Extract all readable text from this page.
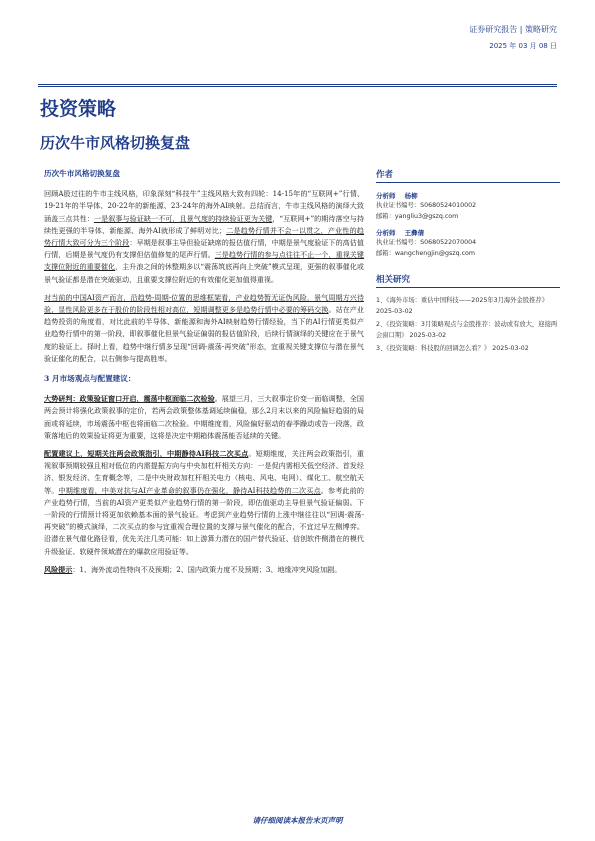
证券研究报告 | 策略研究
2025 年 03 月 08 日
投资策略
历次牛市风格切换复盘
历次牛市风格切换复盘
回顾A股过往的牛市主线风格，印象深刻“科技牛”主线风格大致有四轮：14-15年的“互联网+”行情、19-21年的半导体、20-22年的新能源、23-24年的海外AI映射。总结而言，牛市主线风格的演绎大致涵盖三点共性：一是叙事与验证缺一不可，且景气度的持续验证更为关键，“互联网+”的期待落空与持续性更强的半导体、新能源、海外AI就形成了鲜明对比；二是趋势行情并不会一以贯之，产业性的趋势行情大致可分为三个阶段：早期是叙事主导但验证缺席的报估值行情，中期是景气度验证下的高估值行情，后期是景气度仍有支撑但估值修复的尾声行情。三是趋势行情的参与点往往不止一个，重视关键支撑位附近的重要催化，主升浪之间的休整期多以“震荡筑底再向上突破”模式呈现，更强的叙事催化或景气验证都是潜在突破驱动，且重要支撑位附近的有效催化更加值得重视。
对当前的中国AI资产而言，沿趋势-周期-位置的思维框架看，产业趋势暂无证伪风险，景气周期方兴待验，显性风险更多在于股价的阶段性相对高位，短期调整更多是趋势行情中必要的筹码交换。站在产业趋势投资的角度看，对比此前的半导体、新能源和海外AI映射趋势行情经验，当下的AI行情更类似产业趋势行情中的第一阶段，即叙事催化但景气验证偏弱的报估值阶段，后续行情演绎的关键应在于景气度的验证上。择时上看，趋势中继行情多呈现“回调-震荡-再突破”形态，宜重视关键支撑位与潜在景气验证催化的配合，以右侧参与提高胜率。
3 月市场观点与配置建议：
大势研判：政策验证窗口开启，震荡中枢面临二次检验。展望三月，三大叙事定价变一面临调整，全国两会预计将强化政策叙事的定价，若两会政策整体基调延续偏稳，那么2月末以来的风险偏好趋弱的局面或将延续，市场震荡中枢也将面临二次检验。中期维度看，风险偏好驱动的春季躁动或告一段落，政策落地后的效果验证将更为重要，这将是决定中期箱体震荡能否延续的关键。
配置建议上，短期关注两会政策指引，中期静待AI科技二次买点。短期维度，关注两会政策指引，重视叙事预期较强且相对低位的内需提振方向与中央加杠杆相关方向：一是促内需相关低空经济、首发经济、银发经济、生育概念等，二是中央财政加杠杆相关电力（核电、风电、电网）、煤化工、航空航天等。中期维度看，中美对抗与AI产业革命的叙事仍在强化，静待AI科技趋势的二次买点。参考此前的产业趋势行情，当前的AI资产更类似产业趋势行情的第一阶段，即估值驱动主导但景气验证偏弱。下一阶段的行情预计将更加依赖基本面的景气验证。考虑到产业趋势行情的上涨中继往往以“回调-震荡-再突破”的模式演绎，二次买点的参与宜重视合理位置的支撑与景气催化的配合，不宜过早左侧博弈。沿潜在景气催化路径看，优先关注几类可能：如上游算力潜在的国产替代验证、信创软件侧潜在的模代升级验证、软硬件领域潜在的爆款应用验证等。
风险提示：1、海外流动性特向不及预期；2、国内政策力度不及预期；3、地缘冲突风险加剧。
作者
分析师 杨柳
执业证书编号：S0680524010002
邮箱：yangliu3@gszq.com
分析师 王彝倩
执业证书编号：S0680522070004
邮箱：wangchengjin@gszq.com
相关研究
1、《海外市场：重估中国科技——2025年3月海外金股推荐》 2025-03-02
2、《投资策略：3月策略观点与金股推荐：波动或有放大，迎接两会窗口期》 2025-03-02
3、《投资策略：科技股的回调怎么看？》 2025-03-02
请仔细阅读本报告末页声明
